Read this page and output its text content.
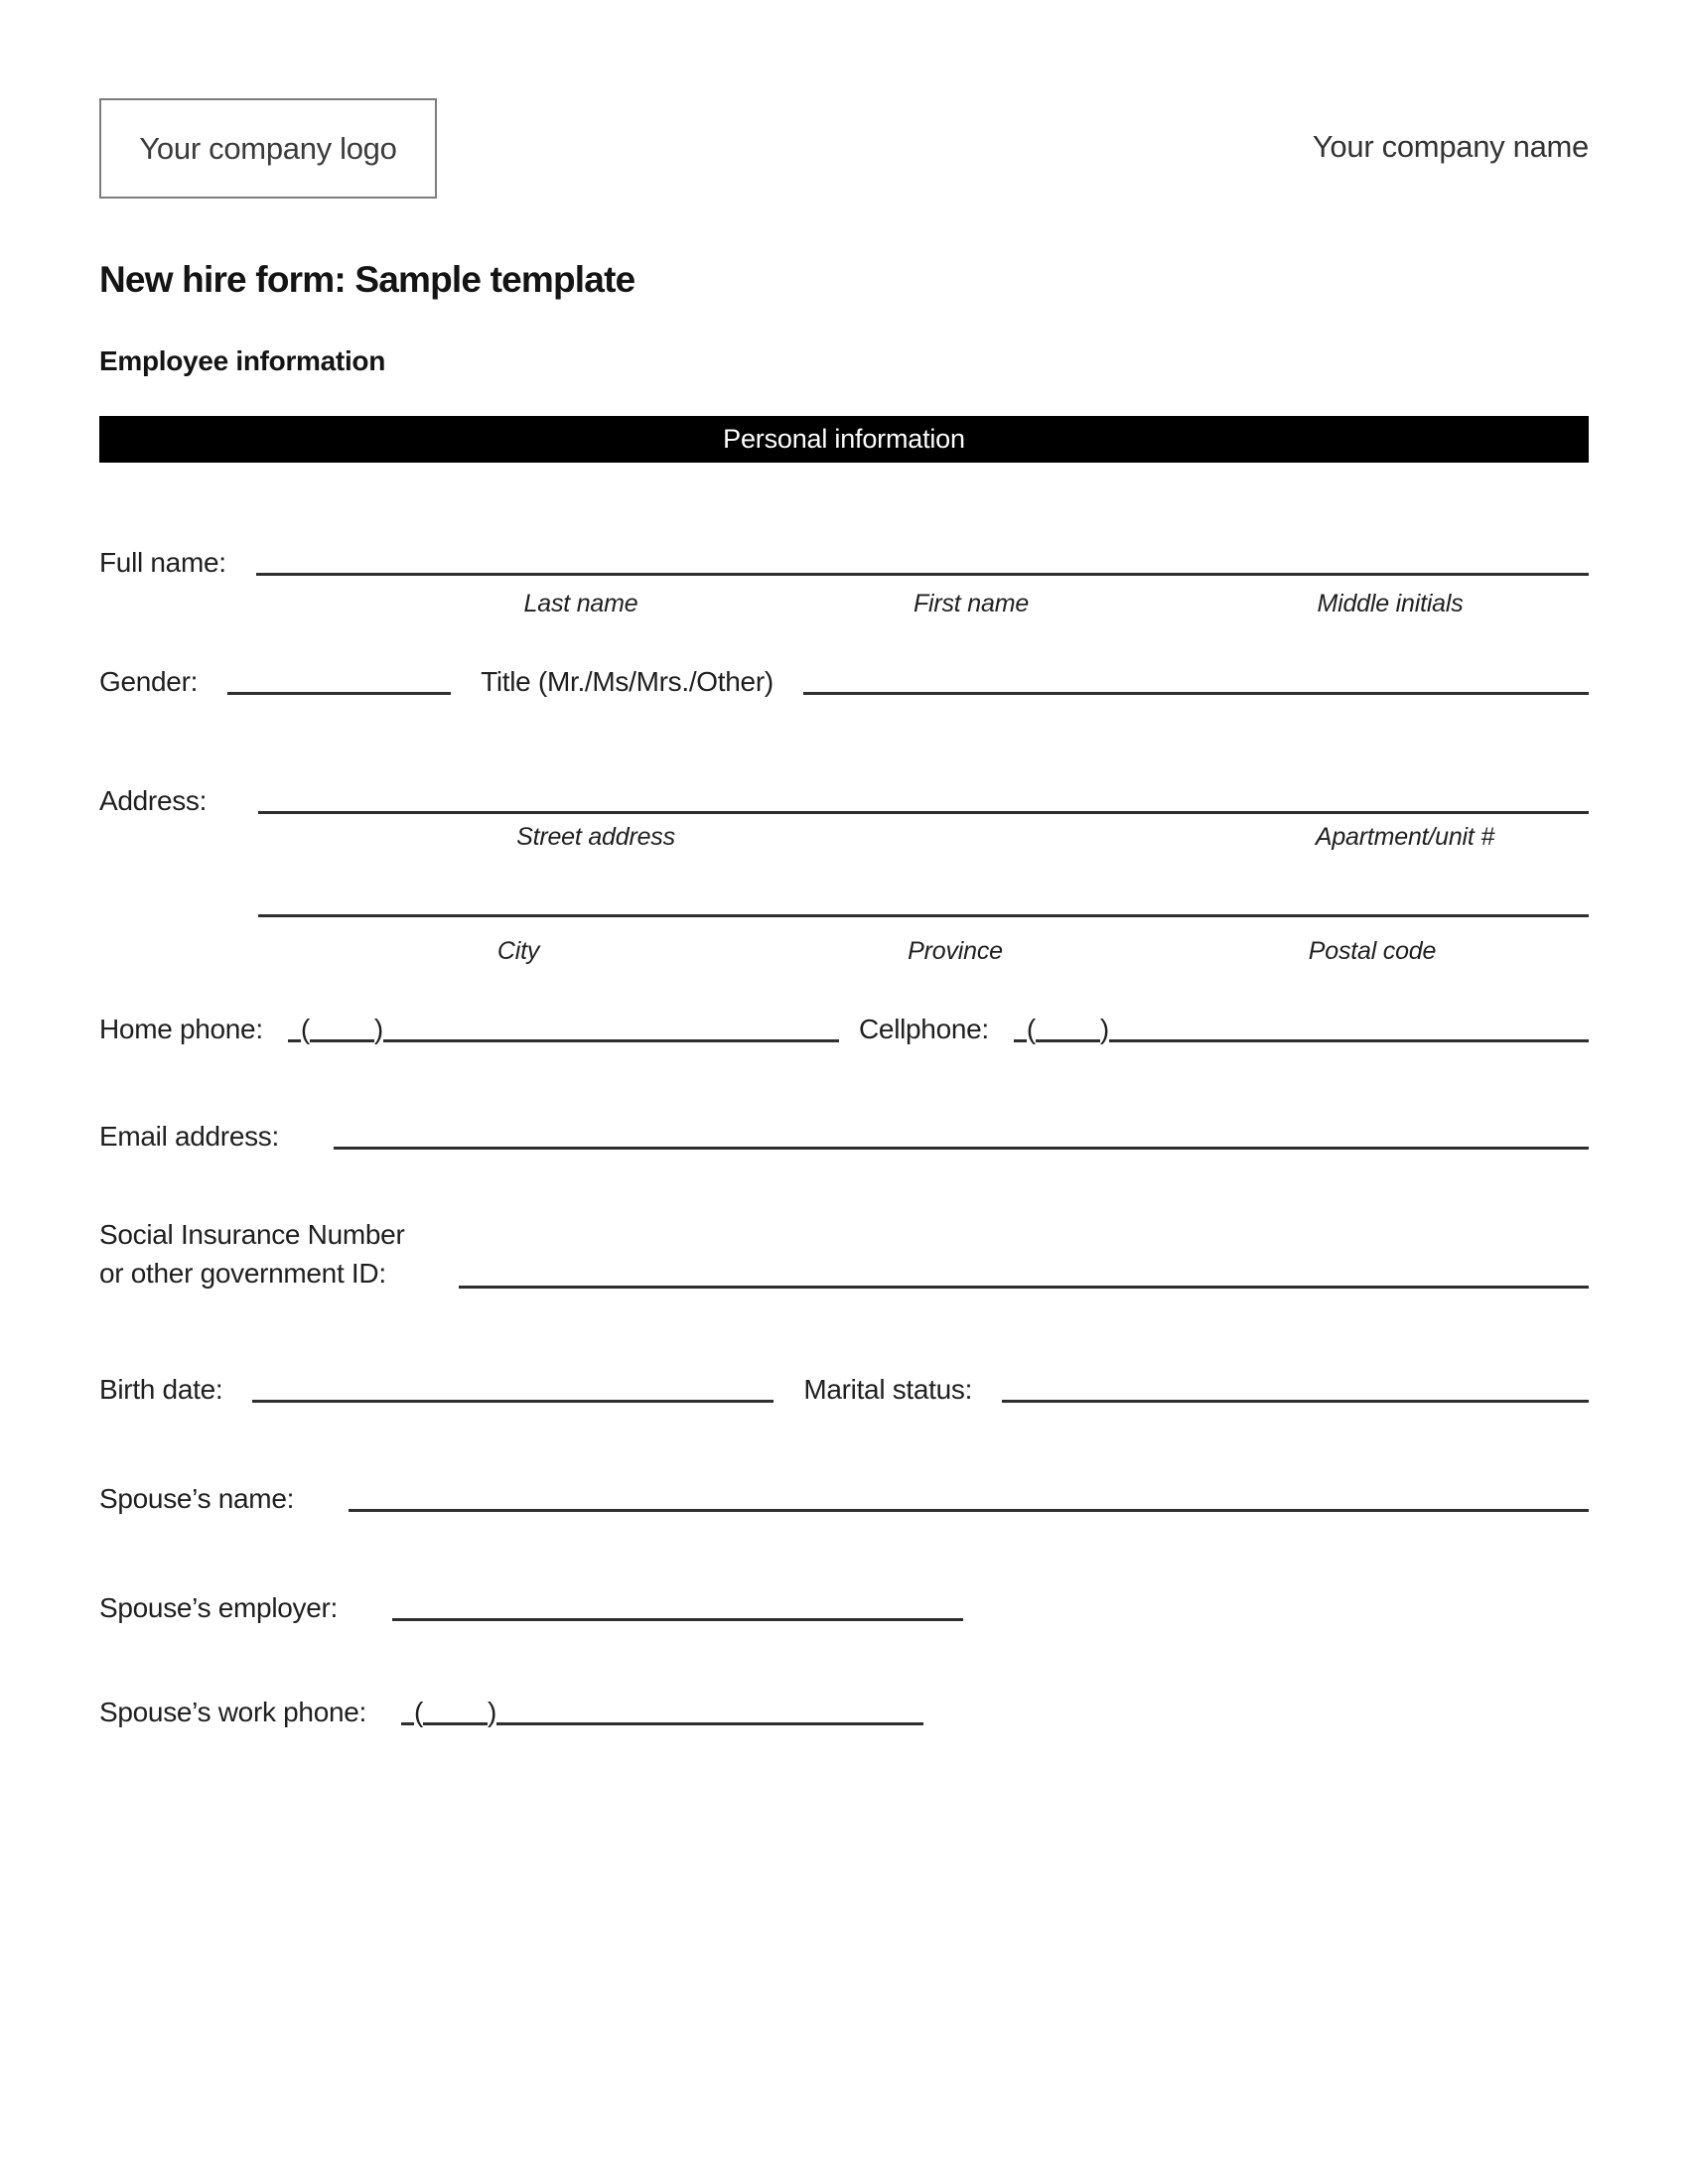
Your company logo	Your company name
New hire form: Sample template
Employee information
Personal information
Full name:
Last name	First name	Middle initials
Gender:	Title (Mr./Ms/Mrs./Other)
Address:
Street address	Apartment/unit #
City	Province	Postal code
Home phone: ( )	Cellphone: ( )
Email address:
Social Insurance Number
or other government ID:
Birth date:	Marital status:
Spouse’s name:
Spouse’s employer:
Spouse’s work phone: ( )
